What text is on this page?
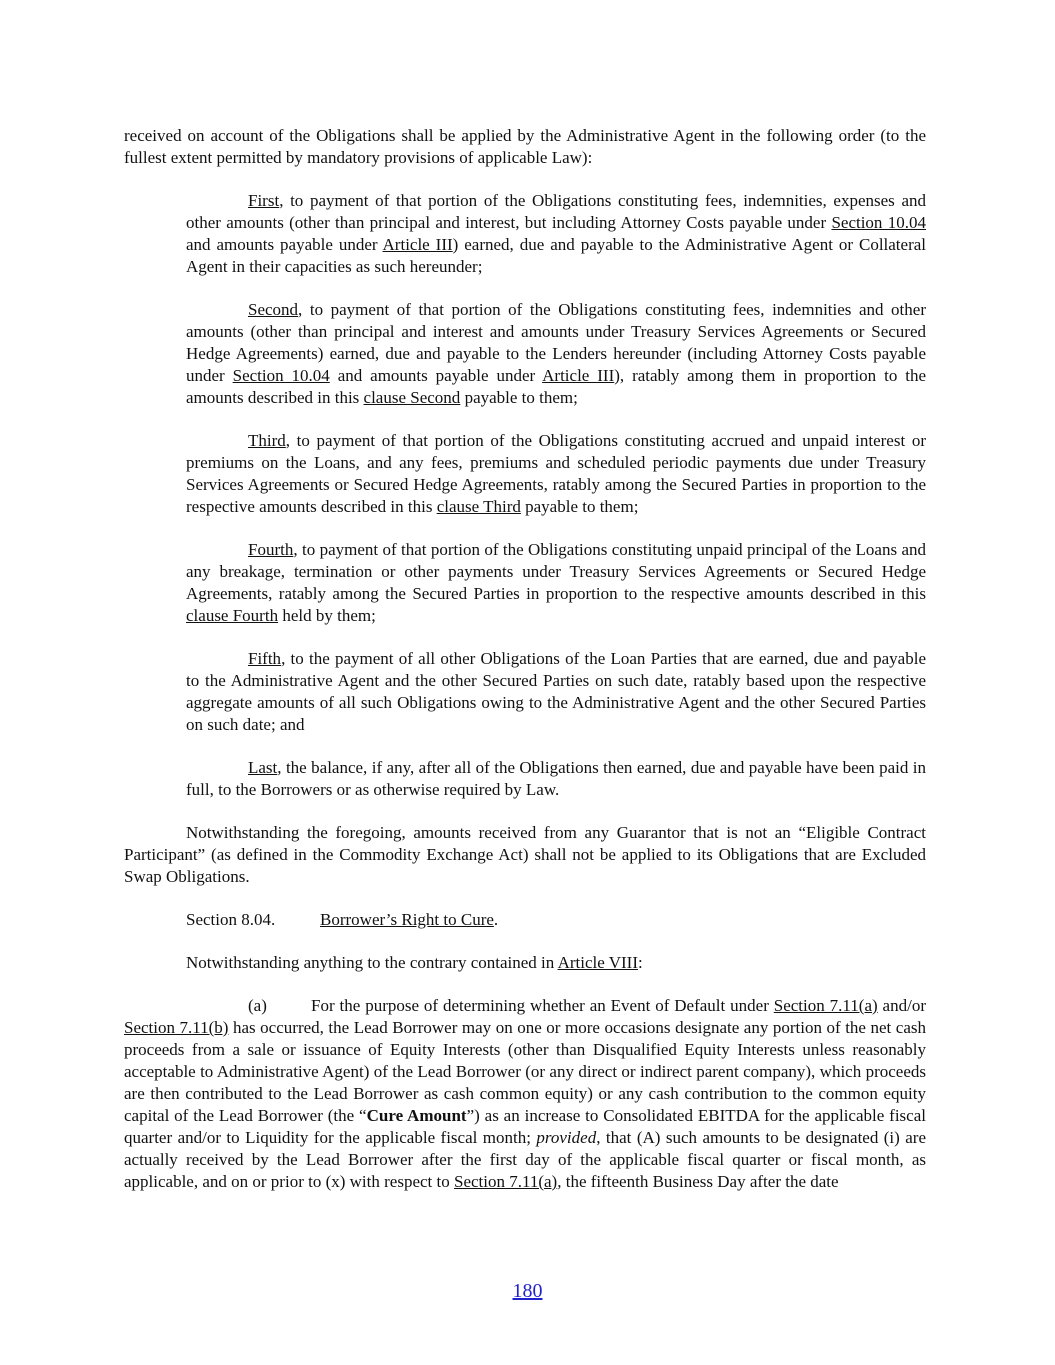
received on account of the Obligations shall be applied by the Administrative Agent in the following order (to the fullest extent permitted by mandatory provisions of applicable Law):

First, to payment of that portion of the Obligations constituting fees, indemnities, expenses and other amounts (other than principal and interest, but including Attorney Costs payable under Section 10.04 and amounts payable under Article III) earned, due and payable to the Administrative Agent or Collateral Agent in their capacities as such hereunder;

Second, to payment of that portion of the Obligations constituting fees, indemnities and other amounts (other than principal and interest and amounts under Treasury Services Agreements or Secured Hedge Agreements) earned, due and payable to the Lenders hereunder (including Attorney Costs payable under Section 10.04 and amounts payable under Article III), ratably among them in proportion to the amounts described in this clause Second payable to them;

Third, to payment of that portion of the Obligations constituting accrued and unpaid interest or premiums on the Loans, and any fees, premiums and scheduled periodic payments due under Treasury Services Agreements or Secured Hedge Agreements, ratably among the Secured Parties in proportion to the respective amounts described in this clause Third payable to them;

Fourth, to payment of that portion of the Obligations constituting unpaid principal of the Loans and any breakage, termination or other payments under Treasury Services Agreements or Secured Hedge Agreements, ratably among the Secured Parties in proportion to the respective amounts described in this clause Fourth held by them;

Fifth, to the payment of all other Obligations of the Loan Parties that are earned, due and payable to the Administrative Agent and the other Secured Parties on such date, ratably based upon the respective aggregate amounts of all such Obligations owing to the Administrative Agent and the other Secured Parties on such date; and

Last, the balance, if any, after all of the Obligations then earned, due and payable have been paid in full, to the Borrowers or as otherwise required by Law.

Notwithstanding the foregoing, amounts received from any Guarantor that is not an “Eligible Contract Participant” (as defined in the Commodity Exchange Act) shall not be applied to its Obligations that are Excluded Swap Obligations.

Section 8.04.	Borrower’s Right to Cure.

Notwithstanding anything to the contrary contained in Article VIII:

(a)	For the purpose of determining whether an Event of Default under Section 7.11(a) and/or Section 7.11(b) has occurred, the Lead Borrower may on one or more occasions designate any portion of the net cash proceeds from a sale or issuance of Equity Interests (other than Disqualified Equity Interests unless reasonably acceptable to Administrative Agent) of the Lead Borrower (or any direct or indirect parent company), which proceeds are then contributed to the Lead Borrower as cash common equity) or any cash contribution to the common equity capital of the Lead Borrower (the “Cure Amount”) as an increase to Consolidated EBITDA for the applicable fiscal quarter and/or to Liquidity for the applicable fiscal month; provided, that (A) such amounts to be designated (i) are actually received by the Lead Borrower after the first day of the applicable fiscal quarter or fiscal month, as applicable, and on or prior to (x) with respect to Section 7.11(a), the fifteenth Business Day after the date

180
